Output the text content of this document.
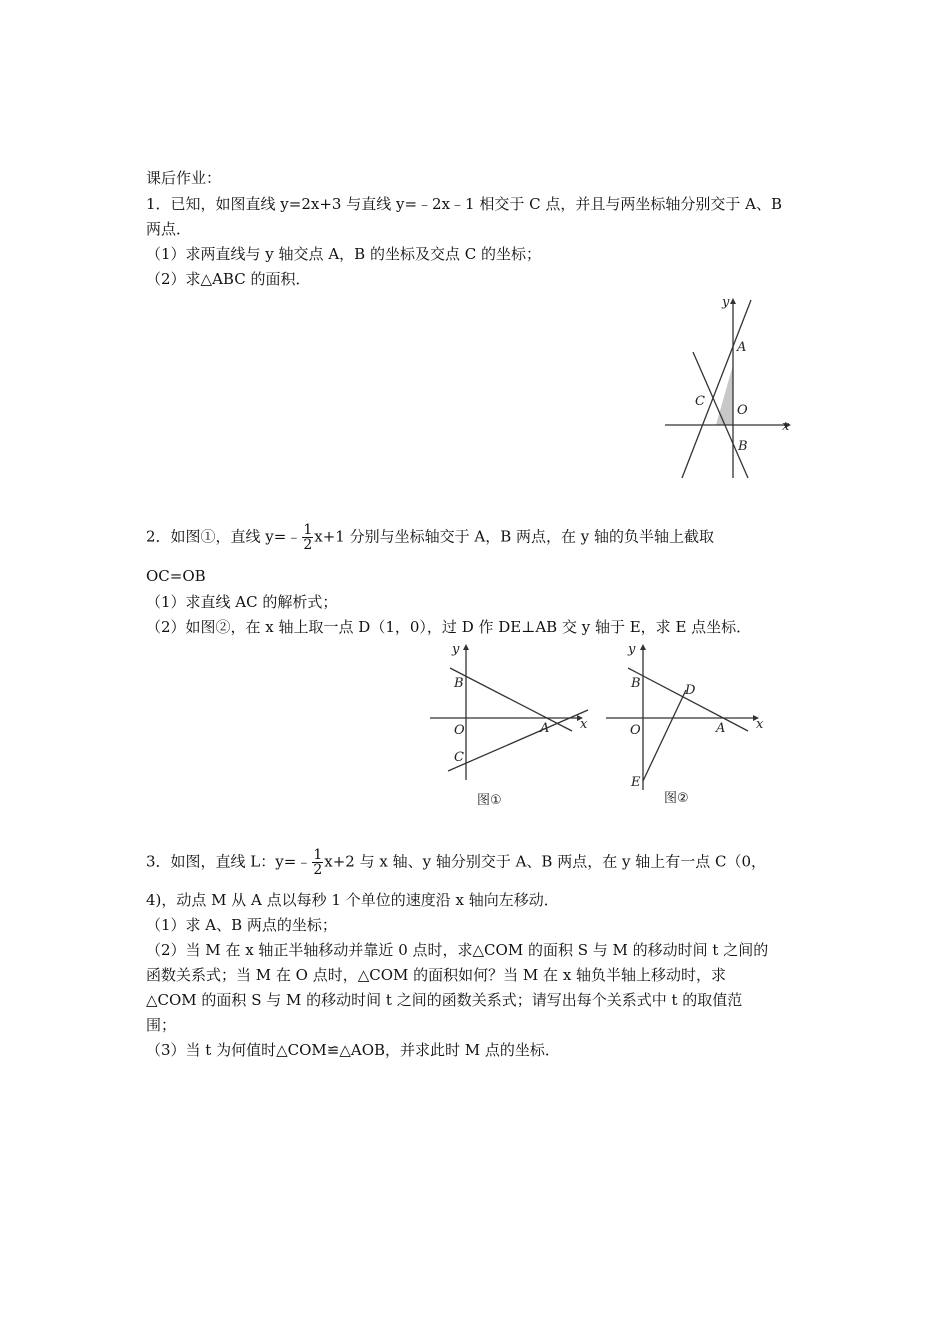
课后作业：
1．已知，如图直线 y=2x+3 与直线 y=﹣2x﹣1 相交于 C 点，并且与两坐标轴分别交于 A、B
两点．
（1）求两直线与 y 轴交点 A，B 的坐标及交点 C 的坐标；
（2）求△ABC 的面积．
x
y
A
B
C
O
2．如图①，直线 y=﹣ $\frac{1}{2} x+1$ 分别与坐标轴交于 A，B 两点，在 y 轴的负半轴上截取
OC=OB
（1）求直线 AC 的解析式；
（2）如图②，在 x 轴上取一点 D（1，0），过 D 作 DE⊥AB 交 y 轴于 E，求 E 点坐标．
x
y
B
O
C
A
图①
x
y
B	D
O	A
E
图②
3．如图，直线 L：y=﹣ $\frac{1}{2} x+2$ 与 x 轴、y 轴分别交于 A、B 两点，在 y 轴上有一点 C（0，
4)，动点 M 从 A 点以每秒 1 个单位的速度沿 x 轴向左移动．
（1）求 A、B 两点的坐标；
（2）当 M 在 x 轴正半轴移动并靠近 0 点时，求△COM 的面积 S 与 M 的移动时间 t 之间的
函数关系式；当 M 在 O 点时，△COM 的面积如何？当 M 在 x 轴负半轴上移动时，求
△COM 的面积 S 与 M 的移动时间 t 之间的函数关系式；请写出每个关系式中 t 的取值范
围；
（3）当 t 为何值时△COM≌△AOB，并求此时 M 点的坐标．
